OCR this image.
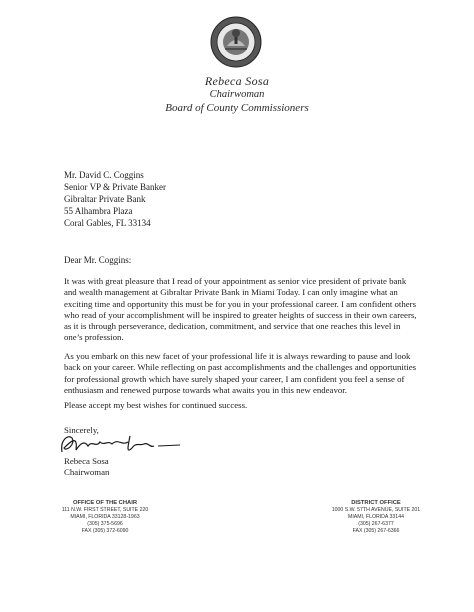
Rebeca Sosa
Chairwoman
Board of County Commissioners
Mr. David C. Coggins
Senior VP & Private Banker
Gibraltar Private Bank
55 Alhambra Plaza
Coral Gables, FL 33134
Dear Mr. Coggins:
It was with great pleasure that I read of your appointment as senior vice president of private bank and wealth management at Gibraltar Private Bank in Miami Today. I can only imagine what an exciting time and opportunity this must be for you in your professional career. I am confident others who read of your accomplishment will be inspired to greater heights of success in their own careers, as it is through perseverance, dedication, commitment, and service that one reaches this level in one’s profession.
As you embark on this new facet of your professional life it is always rewarding to pause and look back on your career. While reflecting on past accomplishments and the challenges and opportunities for professional growth which have surely shaped your career, I am confident you feel a sense of enthusiasm and renewed purpose towards what awaits you in this new endeavor.
Please accept my best wishes for continued success.
Sincerely,
Rebeca Sosa
Chairwoman
OFFICE OF THE CHAIR
111 N.W. FIRST STREET, SUITE 220
MIAMI, FLORIDA 33128-1963
(305) 375-5696
FAX (305) 372-6090
DISTRICT OFFICE
1000 S.W. 57TH AVENUE, SUITE 201
MIAMI, FLORIDA 33144
(305) 267-6377
FAX (305) 267-6366
